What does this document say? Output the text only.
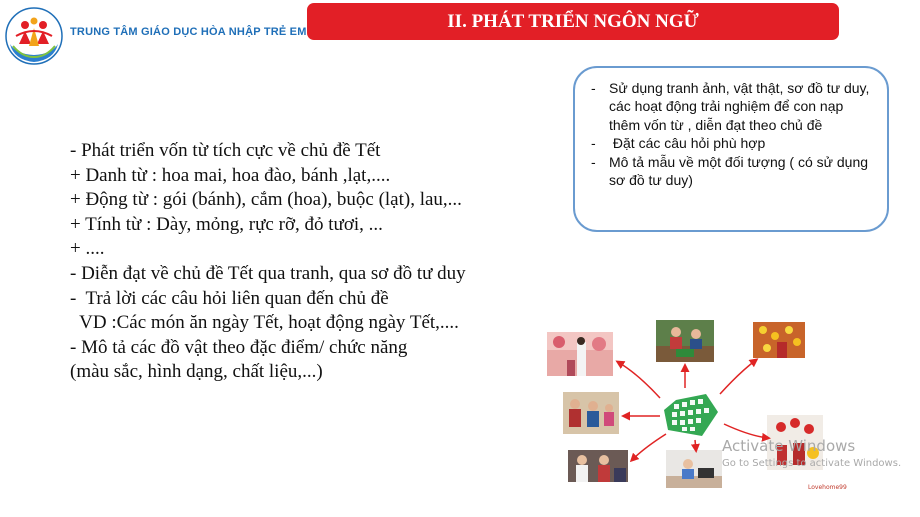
TRUNG TÂM GIÁO DỤC HÒA NHẬP TRẺ EM
II. PHÁT TRIỂN NGÔN NGỮ
- Phát triển vốn từ tích cực về chủ đề Tết
+ Danh từ : hoa mai, hoa đào, bánh ,lạt,....
+ Động từ : gói (bánh), cắm (hoa), buộc (lạt), lau,...
+ Tính từ : Dày, mỏng, rực rỡ, đỏ tươi, ...
+ ....
- Diễn đạt về chủ đề Tết qua tranh, qua sơ đồ tư duy
-  Trả lời các câu hỏi liên quan đến chủ đề
VD :Các món ăn ngày Tết, hoạt động ngày Tết,....
- Mô tả các đồ vật theo đặc điểm/ chức năng
(màu sắc, hình dạng, chất liệu,...)
- Sử dụng tranh ảnh, vật thật, sơ đồ tư duy, các hoạt động trải nghiệm để con nạp thêm vốn từ , diễn đạt theo chủ đề
-  Đặt các câu hỏi phù hợp
- Mô tả mẫu về một đối tượng ( có sử dụng sơ đồ tư duy)
Activate Windows
Go to Settings to activate Windows.
Lovehome99
